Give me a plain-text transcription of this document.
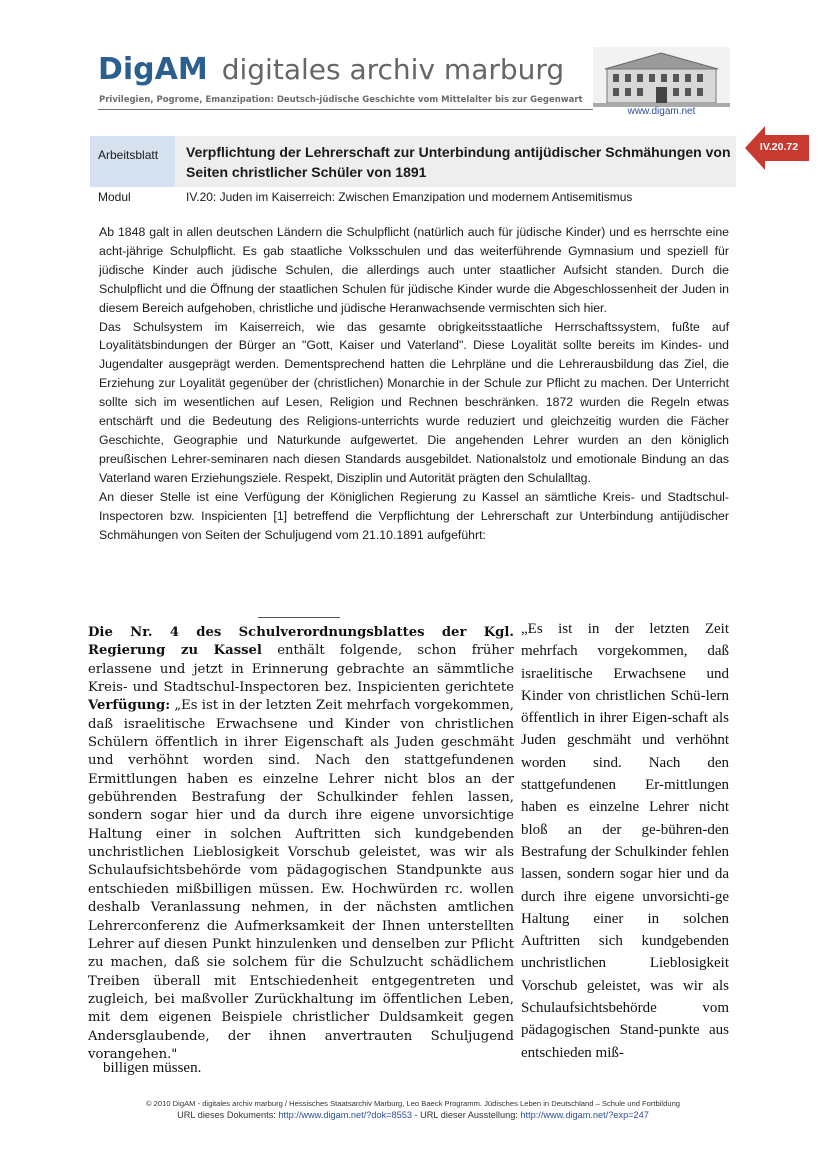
DigAM digitales archiv marburg
Privilegien, Pogrome, Emanzipation: Deutsch-jüdische Geschichte vom Mittelalter bis zur Gegenwart
www.digam.net
IV.20.72
Arbeitsblatt Verpflichtung der Lehrerschaft zur Unterbindung antijüdischer Schmähungen von Seiten christlicher Schüler von 1891
Modul	IV.20: Juden im Kaiserreich: Zwischen Emanzipation und modernem Antisemitismus

Ab 1848 galt in allen deutschen Ländern die Schulpflicht (natürlich auch für jüdische Kinder) und es herrschte eine acht-jährige Schulpflicht. Es gab staatliche Volksschulen und das weiterführende Gymnasium und speziell für jüdische Kinder auch jüdische Schulen, die allerdings auch unter staatlicher Aufsicht standen. Durch die Schulpflicht und die Öffnung der staatlichen Schulen für jüdische Kinder wurde die Abgeschlossenheit der Juden in diesem Bereich aufgehoben, christliche und jüdische Heranwachsende vermischten sich hier.

Das Schulsystem im Kaiserreich, wie das gesamte obrigkeitsstaatliche Herrschaftssystem, fußte auf Loyalitätsbindungen der Bürger an "Gott, Kaiser und Vaterland". Diese Loyalität sollte bereits im Kindes- und Jugendalter ausgeprägt werden. Dementsprechend hatten die Lehrpläne und die Lehrerausbildung das Ziel, die Erziehung zur Loyalität gegenüber der (christlichen) Monarchie in der Schule zur Pflicht zu machen. Der Unterricht sollte sich im wesentlichen auf Lesen, Religion und Rechnen beschränken. 1872 wurden die Regeln etwas entschärft und die Bedeutung des Religions-unterrichts wurde reduziert und gleichzeitig wurden die Fächer Geschichte, Geographie und Naturkunde aufgewertet. Die angehenden Lehrer wurden an den königlich preußischen Lehrer-seminaren nach diesen Standards ausgebildet. Nationalstolz und emotionale Bindung an das Vaterland waren Erziehungsziele. Respekt, Disziplin und Autorität prägten den Schulalltag.

An dieser Stelle ist eine Verfügung der Königlichen Regierung zu Kassel an sämtliche Kreis- und Stadtschul-Inspectoren bzw. Inspicienten [1] betreffend die Verpflichtung der Lehrerschaft zur Unterbindung antijüdischer Schmähungen von Seiten der Schuljugend vom 21.10.1891 aufgeführt:

Die Nr. 4 des Schulverordnungsblattes der Kgl. Regierung zu Kassel enthält folgende, schon früher erlassene und jetzt in Erinnerung gebrachte an sämmtliche Kreis- und Stadtschul-Inspectoren bez. Inspicienten gerichtete Verfügung: „Es ist in der letzten Zeit mehrfach vorgekommen, daß israelitische Erwachsene und Kinder von christlichen Schülern öffentlich in ihrer Eigenschaft als Juden geschmäht und verhöhnt worden sind. Nach den stattgefundenen Ermittlungen haben es einzelne Lehrer nicht blos an der gebührenden Bestrafung der Schulkinder fehlen lassen, sondern sogar hier und da durch ihre eigene unvorsichtige Haltung einer in solchen Auftritten sich kundgebenden unchristlichen Lieblosigkeit Vorschub geleistet, was wir als Schulaufsichtsbehörde vom pädagogischen Standpunkte aus entschieden mißbilligen müssen. Ew. Hochwürden rc. wollen deshalb Veranlassung nehmen, in der nächsten amtlichen Lehrerconferenz die Aufmerksamkeit der Ihnen unterstellten Lehrer auf diesen Punkt hinzulenken und denselben zur Pflicht zu machen, daß sie solchem für die Schulzucht schädlichem Treiben überall mit Entschiedenheit entgegentreten und zugleich, bei maßvoller Zurückhaltung im öffentlichen Leben, mit dem eigenen Beispiele christlicher Duldsamkeit gegen Andersglaubende, der ihnen anvertrauten Schuljugend vorangehen."

„Es ist in der letzten Zeit mehrfach vorgekommen, daß israelitische Erwachsene und Kinder von christlichen Schü-lern öffentlich in ihrer Eigen-schaft als Juden geschmäht und verhöhnt worden sind. Nach den stattgefundenen Er-mittlungen haben es einzelne Lehrer nicht bloß an der ge-bühren-den Bestrafung der Schulkinder fehlen lassen, sondern sogar hier und da durch ihre eigene unvorsichti-ge Haltung einer in solchen Auftritten sich kundgebenden unchristlichen Lieblosigkeit Vorschub geleistet, was wir als Schulaufsichtsbehörde vom pädagogischen Stand-punkte aus entschieden miß-
billigen müssen.
© 2010 DigAM - digitales archiv marburg / Hessisches Staatsarchiv Marburg, Leo Baeck Programm. Jüdisches Leben in Deutschland – Schule und Fortbildung
URL dieses Dokuments: http://www.digam.net/?dok=8553 - URL dieser Ausstellung: http://www.digam.net/?exp=247
